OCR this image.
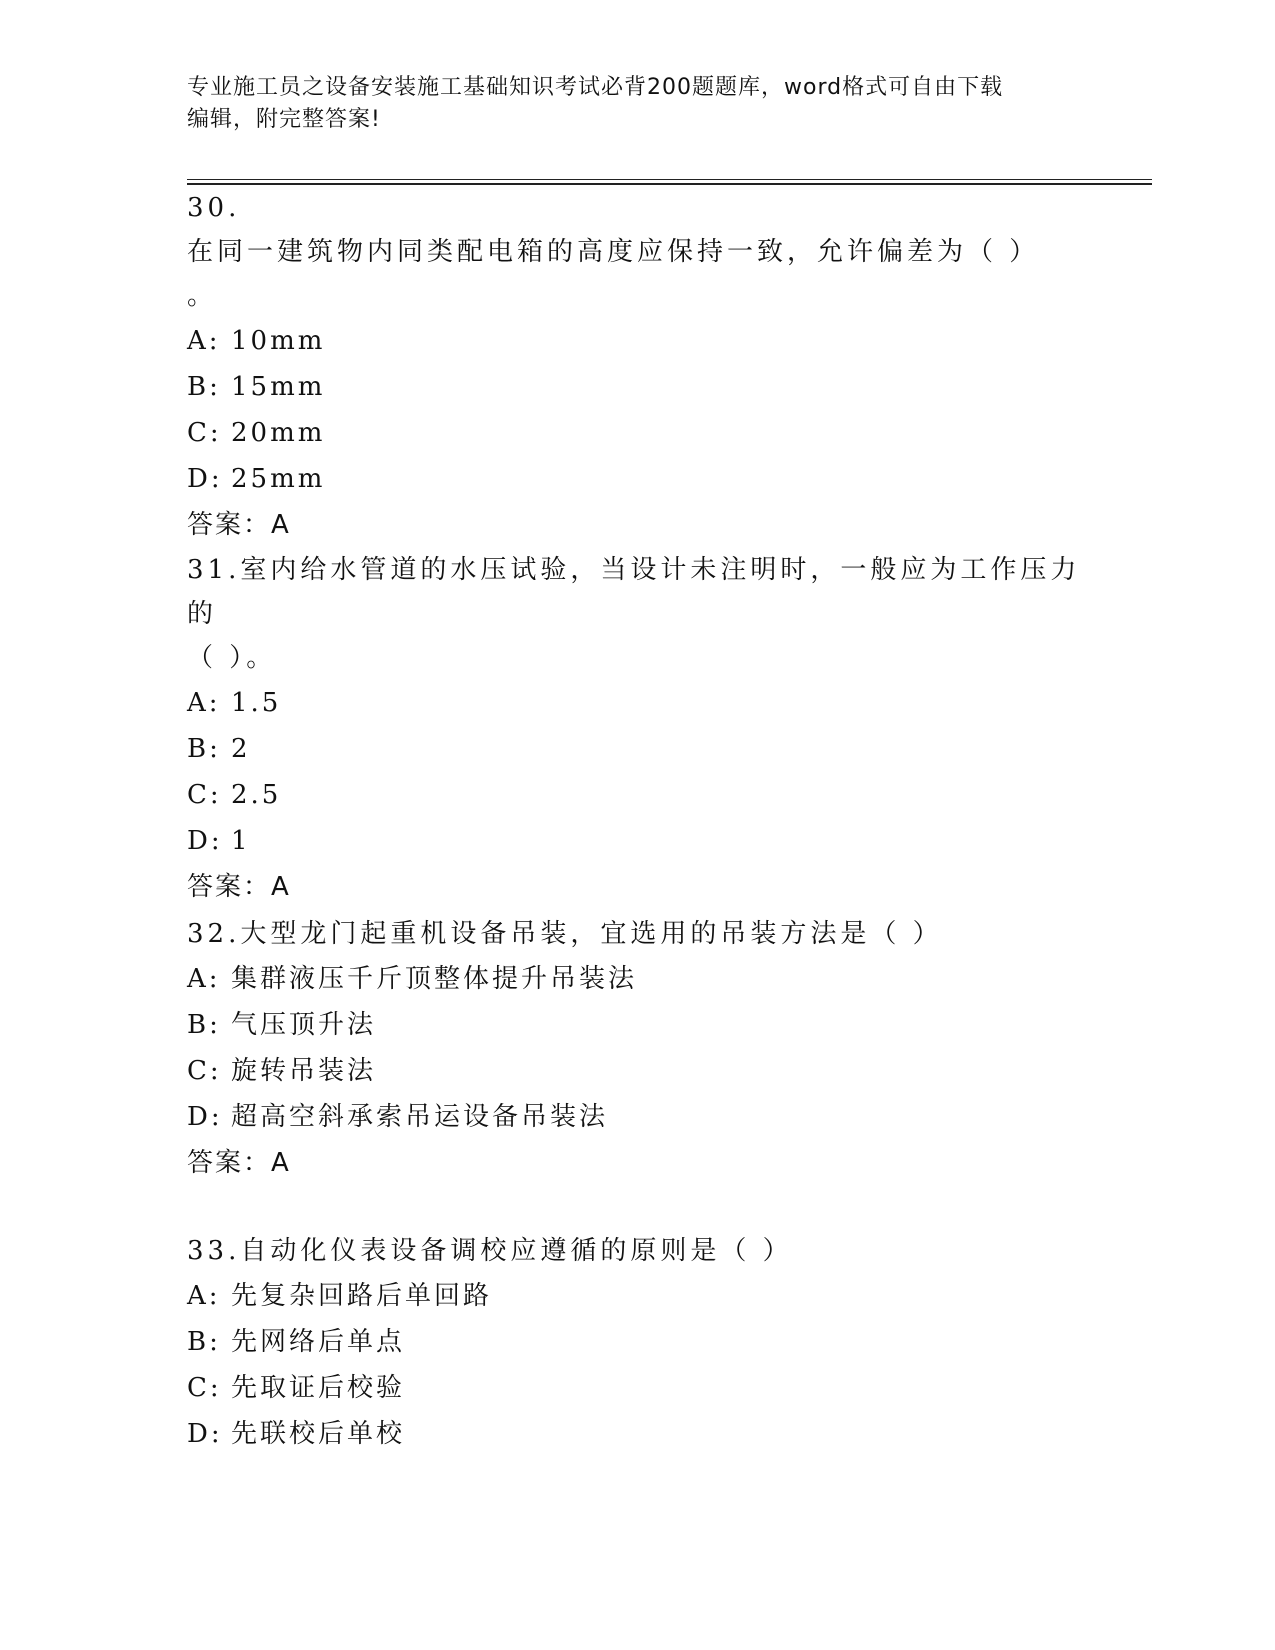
专业施工员之设备安装施工基础知识考试必背200题题库，word格式可自由下载
编辑，附完整答案!

30.在同一建筑物内同类配电箱的高度应保持一致，允许偏差为（ ）
。

A: 10mm

B: 15mm

C: 20mm

D: 25mm

答案：A

31.室内给水管道的水压试验，当设计未注明时，一般应为工作压力的
（ ）。

A: 1.5

B: 2

C: 2.5

D: 1

答案：A

32.大型龙门起重机设备吊装，宜选用的吊装方法是（ ）

A: 集群液压千斤顶整体提升吊装法

B: 气压顶升法

C: 旋转吊装法

D: 超高空斜承索吊运设备吊装法

答案：A

33.自动化仪表设备调校应遵循的原则是（ ）

A: 先复杂回路后单回路

B: 先网络后单点

C: 先取证后校验

D: 先联校后单校
